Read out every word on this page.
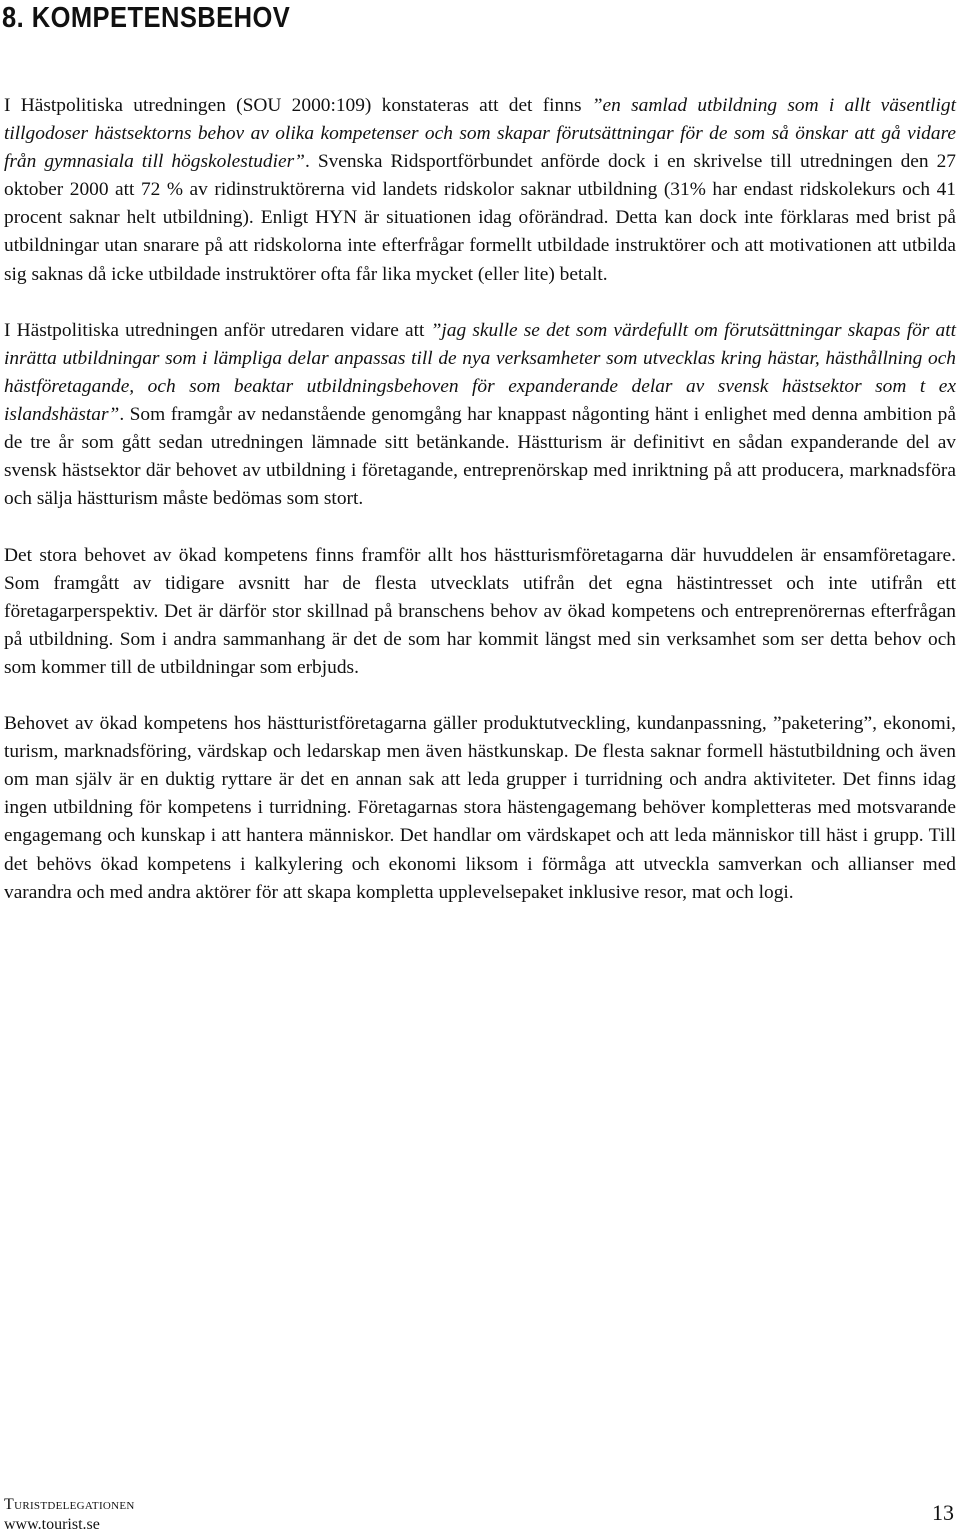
8. KOMPETENSBEHOV

I Hästpolitiska utredningen (SOU 2000:109) konstateras att det finns ”en samlad utbildning som i allt väsentligt tillgodoser hästsektorns behov av olika kompetenser och som skapar förutsättningar för de som så önskar att gå vidare från gymnasiala till högskolestudier”. Svenska Ridsportförbundet anförde dock i en skrivelse till utredningen den 27 oktober 2000 att 72 % av ridinstruktörerna vid landets ridskolor saknar utbildning (31% har endast ridskolekurs och 41 procent saknar helt utbildning). Enligt HYN är situationen idag oförändrad. Detta kan dock inte förklaras med brist på utbildningar utan snarare på att ridskolorna inte efterfrågar formellt utbildade instruktörer och att motivationen att utbilda sig saknas då icke utbildade instruktörer ofta får lika mycket (eller lite) betalt.

I Hästpolitiska utredningen anför utredaren vidare att ”jag skulle se det som värdefullt om förutsättningar skapas för att inrätta utbildningar som i lämpliga delar anpassas till de nya verksamheter som utvecklas kring hästar, hästhållning och hästföretagande, och som beaktar utbildningsbehoven för expanderande delar av svensk hästsektor som t ex islandshästar”. Som framgår av nedanstående genomgång har knappast någonting hänt i enlighet med denna ambition på de tre år som gått sedan utredningen lämnade sitt betänkande. Hästturism är definitivt en sådan expanderande del av svensk hästsektor där behovet av utbildning i företagande, entreprenörskap med inriktning på att producera, marknadsföra och sälja hästturism måste bedömas som stort.

Det stora behovet av ökad kompetens finns framför allt hos hästturismföretagarna där huvuddelen är ensamföretagare. Som framgått av tidigare avsnitt har de flesta utvecklats utifrån det egna hästintresset och inte utifrån ett företagarperspektiv. Det är därför stor skillnad på branschens behov av ökad kompetens och entreprenörernas efterfrågan på utbildning. Som i andra sammanhang är det de som har kommit längst med sin verksamhet som ser detta behov och som kommer till de utbildningar som erbjuds.

Behovet av ökad kompetens hos hästturistföretagarna gäller produktutveckling, kundanpassning, ”paketering”, ekonomi, turism, marknadsföring, värdskap och ledarskap men även hästkunskap. De flesta saknar formell hästutbildning och även om man själv är en duktig ryttare är det en annan sak att leda grupper i turridning och andra aktiviteter. Det finns idag ingen utbildning för kompetens i turridning. Företagarnas stora hästengagemang behöver kompletteras med motsvarande engagemang och kunskap i att hantera människor. Det handlar om värdskapet och att leda människor till häst i grupp. Till det behövs ökad kompetens i kalkylering och ekonomi liksom i förmåga att utveckla samverkan och allianser med varandra och med andra aktörer för att skapa kompletta upplevelsepaket inklusive resor, mat och logi.

Turistdelegationen
www.tourist.se	13
